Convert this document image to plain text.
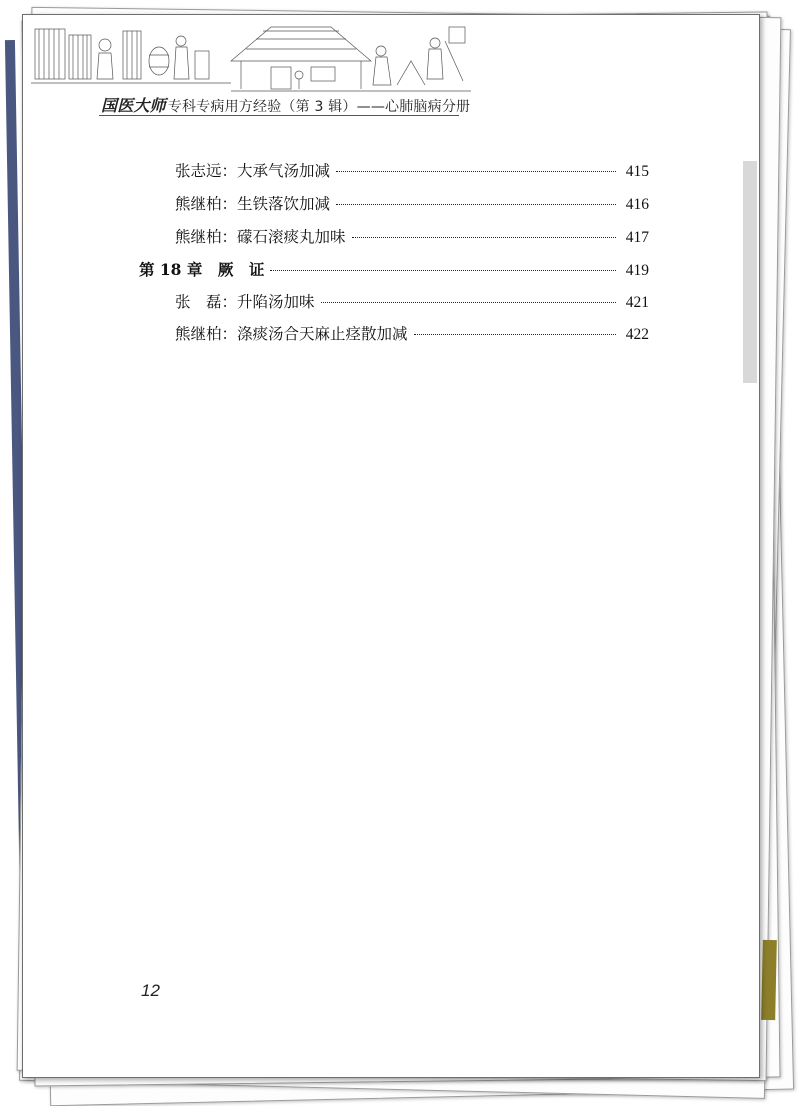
国医大师 专科专病用方经验（第 3 辑）——心肺脑病分册
张志远：大承气汤加减	415
熊继柏：生铁落饮加减	416
熊继柏：礞石滚痰丸加味	417
第 18 章　厥　证	419
张　磊：升陷汤加味	421
熊继柏：涤痰汤合天麻止痉散加减	422
12
